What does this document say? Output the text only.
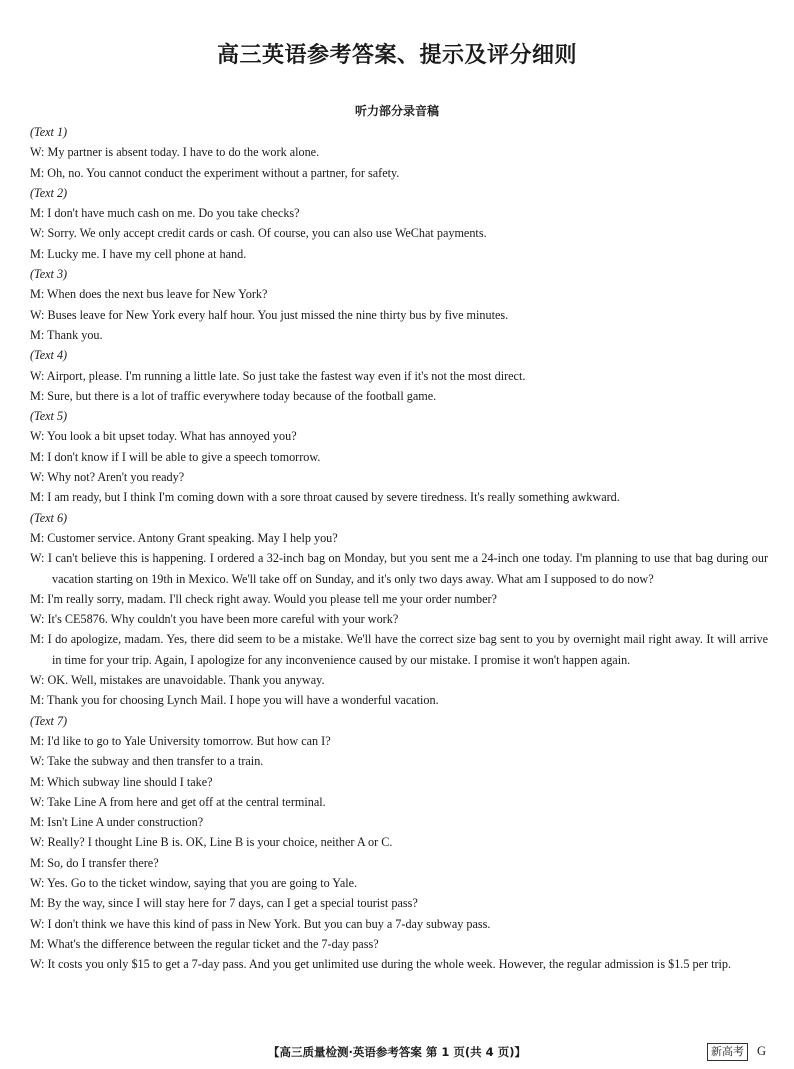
高三英语参考答案、提示及评分细则
听力部分录音稿
(Text 1)
W: My partner is absent today. I have to do the work alone.
M: Oh, no. You cannot conduct the experiment without a partner, for safety.
(Text 2)
M: I don't have much cash on me. Do you take checks?
W: Sorry. We only accept credit cards or cash. Of course, you can also use WeChat payments.
M: Lucky me. I have my cell phone at hand.
(Text 3)
M: When does the next bus leave for New York?
W: Buses leave for New York every half hour. You just missed the nine thirty bus by five minutes.
M: Thank you.
(Text 4)
W: Airport, please. I'm running a little late. So just take the fastest way even if it's not the most direct.
M: Sure, but there is a lot of traffic everywhere today because of the football game.
(Text 5)
W: You look a bit upset today. What has annoyed you?
M: I don't know if I will be able to give a speech tomorrow.
W: Why not? Aren't you ready?
M: I am ready, but I think I'm coming down with a sore throat caused by severe tiredness. It's really something awkward.
(Text 6)
M: Customer service. Antony Grant speaking. May I help you?
W: I can't believe this is happening. I ordered a 32-inch bag on Monday, but you sent me a 24-inch one today. I'm planning to use that bag during our vacation starting on 19th in Mexico. We'll take off on Sunday, and it's only two days away. What am I supposed to do now?
M: I'm really sorry, madam. I'll check right away. Would you please tell me your order number?
W: It's CE5876. Why couldn't you have been more careful with your work?
M: I do apologize, madam. Yes, there did seem to be a mistake. We'll have the correct size bag sent to you by overnight mail right away. It will arrive in time for your trip. Again, I apologize for any inconvenience caused by our mistake. I promise it won't happen again.
W: OK. Well, mistakes are unavoidable. Thank you anyway.
M: Thank you for choosing Lynch Mail. I hope you will have a wonderful vacation.
(Text 7)
M: I'd like to go to Yale University tomorrow. But how can I?
W: Take the subway and then transfer to a train.
M: Which subway line should I take?
W: Take Line A from here and get off at the central terminal.
M: Isn't Line A under construction?
W: Really? I thought Line B is. OK, Line B is your choice, neither A or C.
M: So, do I transfer there?
W: Yes. Go to the ticket window, saying that you are going to Yale.
M: By the way, since I will stay here for 7 days, can I get a special tourist pass?
W: I don't think we have this kind of pass in New York. But you can buy a 7-day subway pass.
M: What's the difference between the regular ticket and the 7-day pass?
W: It costs you only $15 to get a 7-day pass. And you get unlimited use during the whole week. However, the regular admission is $1.5 per trip.
【高三质量检测·英语参考答案 第 1 页(共 4 页)】	新高考	G
